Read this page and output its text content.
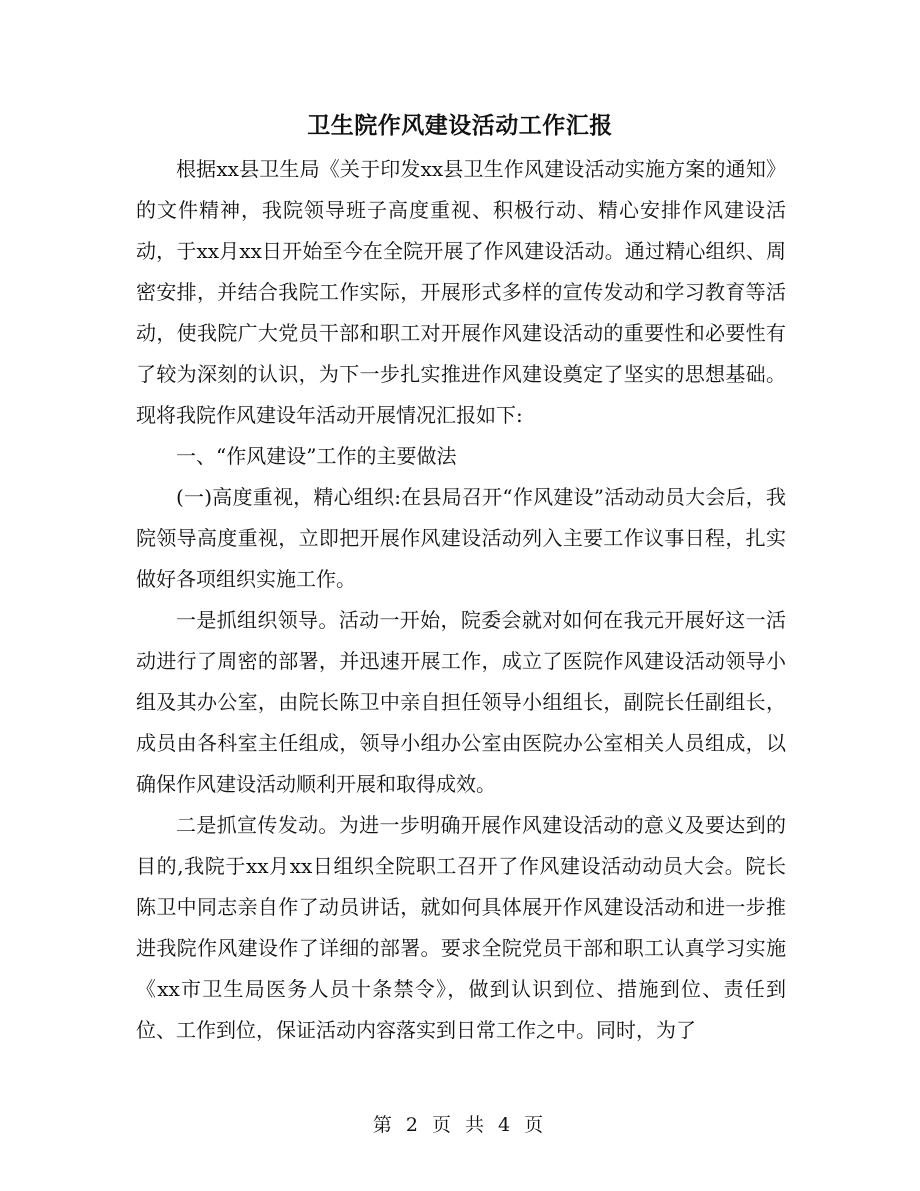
卫生院作风建设活动工作汇报

根据xx县卫生局《关于印发xx县卫生作风建设活动实施方案的通知》的文件精神，我院领导班子高度重视、积极行动、精心安排作风建设活动，于xx月xx日开始至今在全院开展了作风建设活动。通过精心组织、周密安排，并结合我院工作实际，开展形式多样的宣传发动和学习教育等活动，使我院广大党员干部和职工对开展作风建设活动的重要性和必要性有了较为深刻的认识，为下一步扎实推进作风建设奠定了坚实的思想基础。现将我院作风建设年活动开展情况汇报如下:

一、“作风建设”工作的主要做法

(一)高度重视，精心组织:在县局召开“作风建设”活动动员大会后，我院领导高度重视，立即把开展作风建设活动列入主要工作议事日程，扎实做好各项组织实施工作。

一是抓组织领导。活动一开始，院委会就对如何在我元开展好这一活动进行了周密的部署，并迅速开展工作，成立了医院作风建设活动领导小组及其办公室，由院长陈卫中亲自担任领导小组组长，副院长任副组长，成员由各科室主任组成，领导小组办公室由医院办公室相关人员组成，以确保作风建设活动顺利开展和取得成效。

二是抓宣传发动。为进一步明确开展作风建设活动的意义及要达到的目的,我院于xx月xx日组织全院职工召开了作风建设活动动员大会。院长陈卫中同志亲自作了动员讲话，就如何具体展开作风建设活动和进一步推进我院作风建设作了详细的部署。要求全院党员干部和职工认真学习实施《xx市卫生局医务人员十条禁令》，做到认识到位、措施到位、责任到位、工作到位，保证活动内容落实到日常工作之中。同时，为了

第 2 页 共 4 页
